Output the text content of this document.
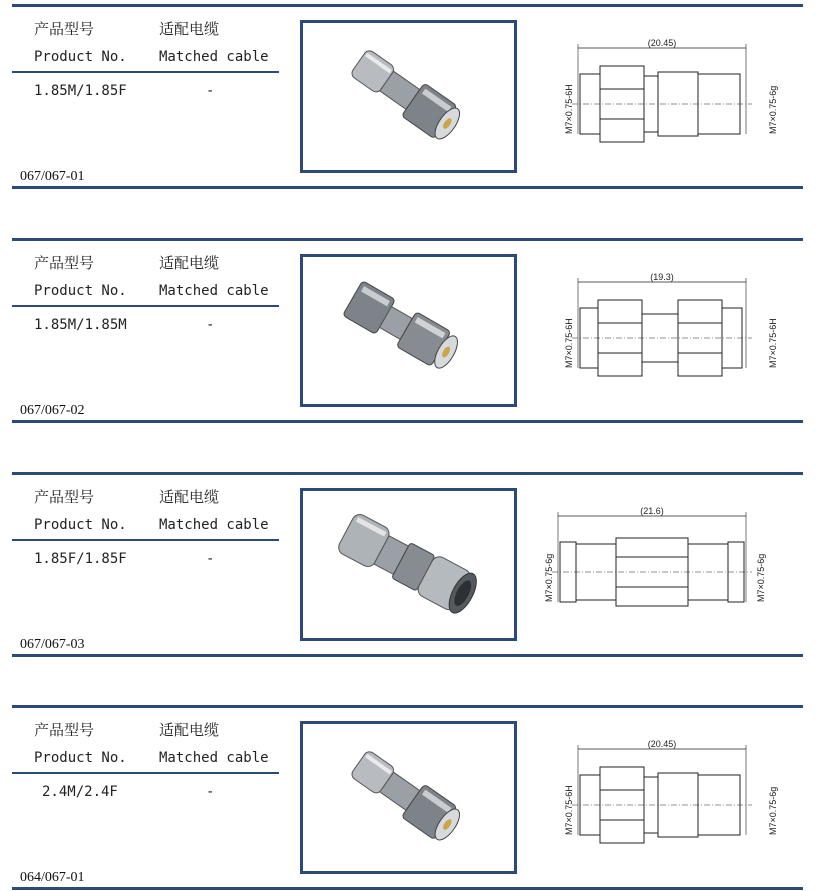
产品型号	适配电缆
Product No. Matched cable
1.85M/1.85F	-
067/067-01
(20.45)
M7×0.75-6H	M7×0.75-6g
产品型号	适配电缆
Product No. Matched cable
1.85M/1.85M	-
067/067-02
(19.3)
M7×0.75-6H	M7×0.75-6H
产品型号	适配电缆
Product No. Matched cable
1.85F/1.85F	-
067/067-03
(21.6)
M7×0.75-6g	M7×0.75-6g
产品型号	适配电缆
Product No. Matched cable
2.4M/2.4F	-
064/067-01
(20.45)
M7×0.75-6H	M7×0.75-6g
